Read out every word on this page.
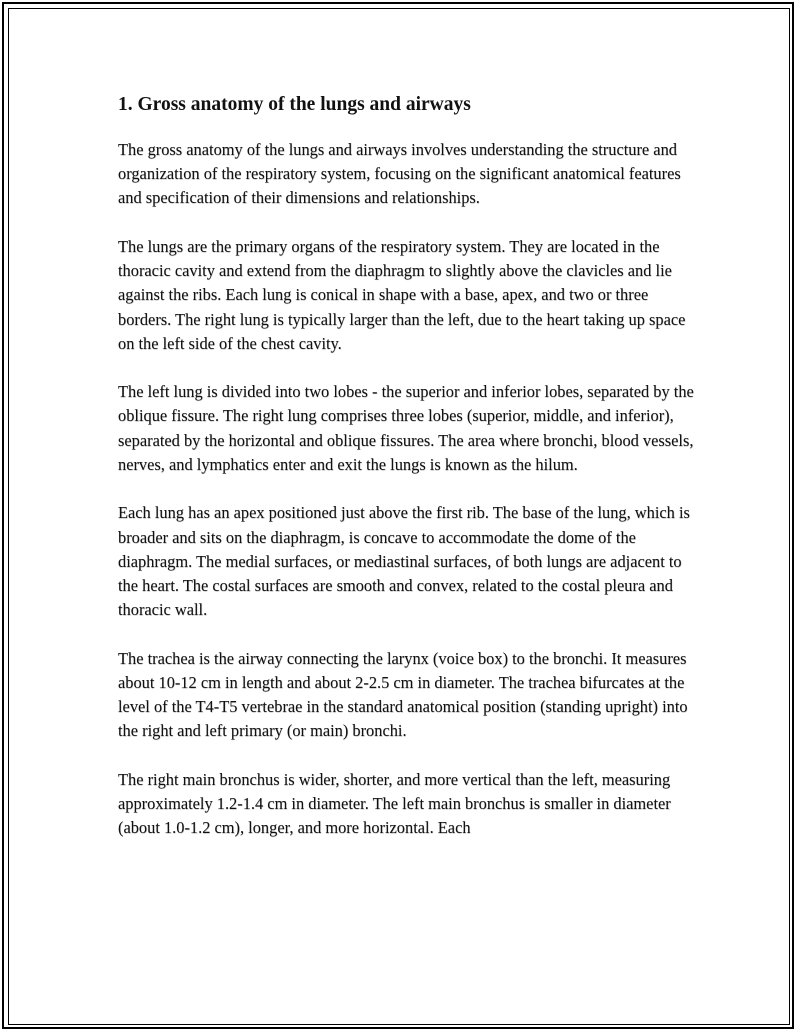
1. Gross anatomy of the lungs and airways

The gross anatomy of the lungs and airways involves understanding the structure and organization of the respiratory system, focusing on the significant anatomical features and specification of their dimensions and relationships.

The lungs are the primary organs of the respiratory system. They are located in the thoracic cavity and extend from the diaphragm to slightly above the clavicles and lie against the ribs. Each lung is conical in shape with a base, apex, and two or three borders. The right lung is typically larger than the left, due to the heart taking up space on the left side of the chest cavity.

The left lung is divided into two lobes - the superior and inferior lobes, separated by the oblique fissure. The right lung comprises three lobes (superior, middle, and inferior), separated by the horizontal and oblique fissures. The area where bronchi, blood vessels, nerves, and lymphatics enter and exit the lungs is known as the hilum.

Each lung has an apex positioned just above the first rib. The base of the lung, which is broader and sits on the diaphragm, is concave to accommodate the dome of the diaphragm. The medial surfaces, or mediastinal surfaces, of both lungs are adjacent to the heart. The costal surfaces are smooth and convex, related to the costal pleura and thoracic wall.

The trachea is the airway connecting the larynx (voice box) to the bronchi. It measures about 10-12 cm in length and about 2-2.5 cm in diameter. The trachea bifurcates at the level of the T4-T5 vertebrae in the standard anatomical position (standing upright) into the right and left primary (or main) bronchi.

The right main bronchus is wider, shorter, and more vertical than the left, measuring approximately 1.2-1.4 cm in diameter. The left main bronchus is smaller in diameter (about 1.0-1.2 cm), longer, and more horizontal. Each
